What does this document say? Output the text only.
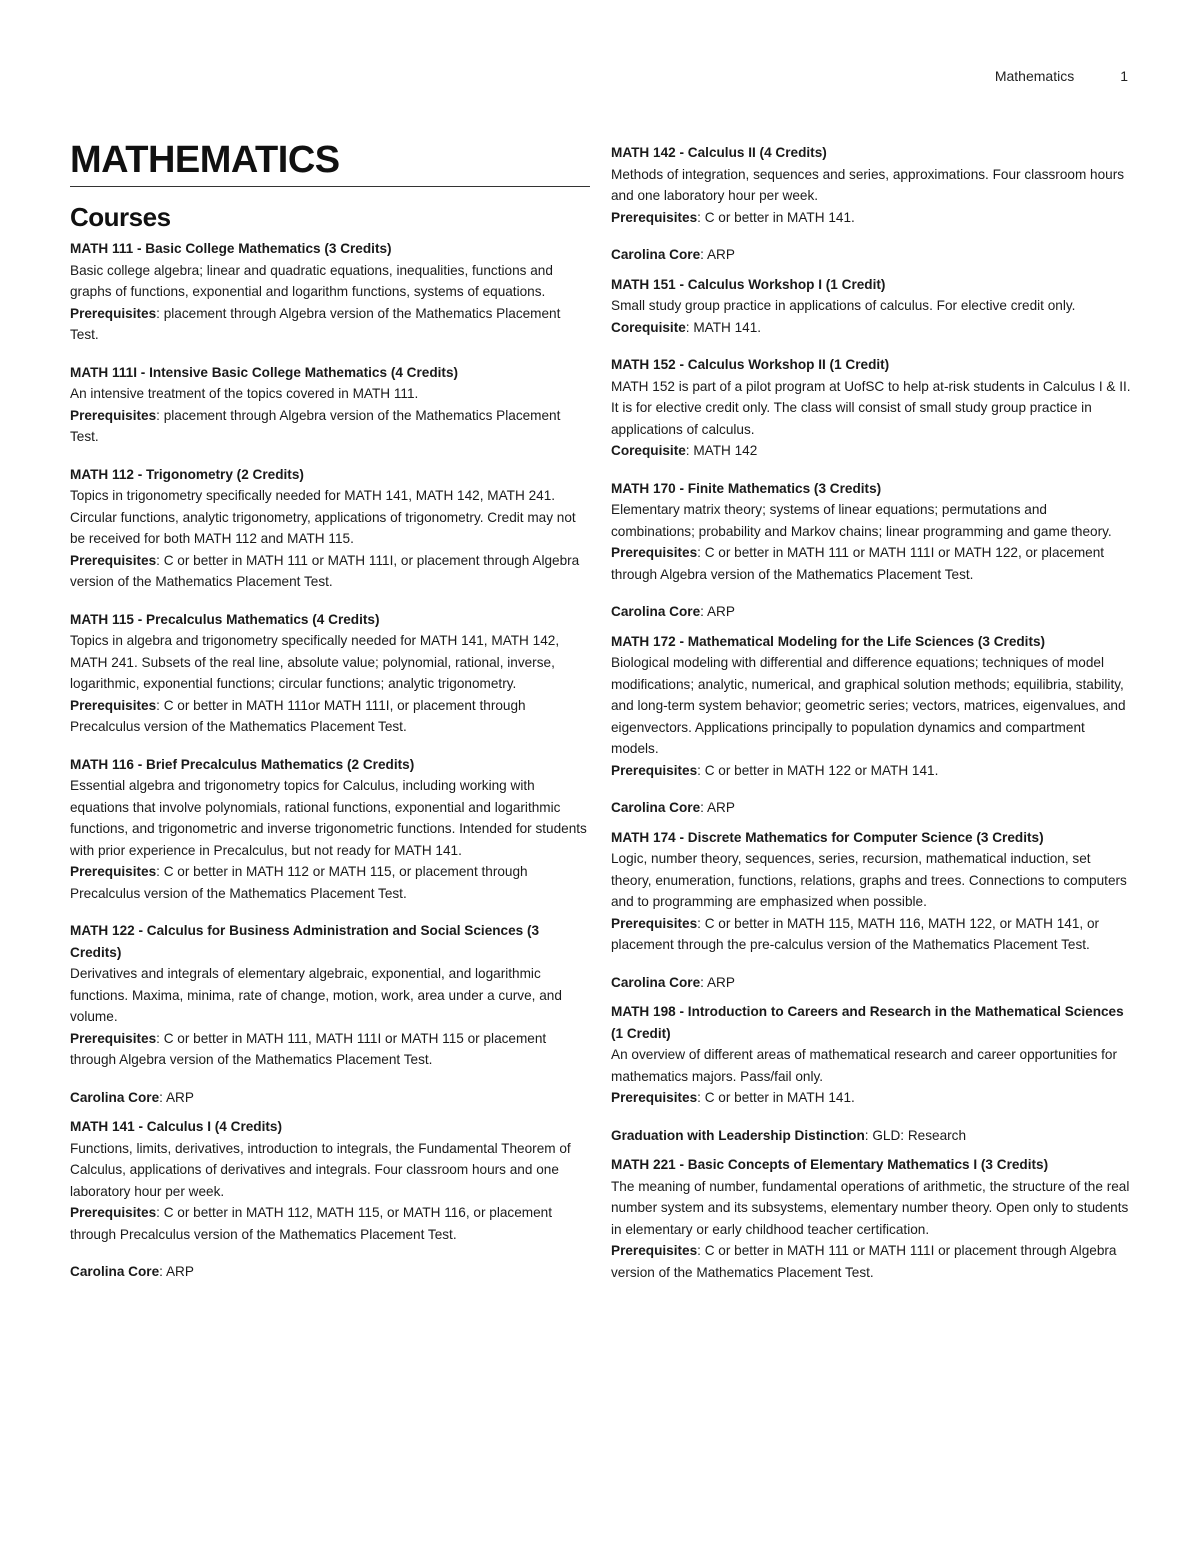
Mathematics	1
MATHEMATICS
Courses

MATH 111 - Basic College Mathematics (3 Credits)

Basic college algebra; linear and quadratic equations, inequalities, functions and graphs of functions, exponential and logarithm functions, systems of equations.

Prerequisites: placement through Algebra version of the Mathematics Placement Test.

MATH 111I - Intensive Basic College Mathematics (4 Credits)

An intensive treatment of the topics covered in MATH 111.

Prerequisites: placement through Algebra version of the Mathematics Placement Test.

MATH 112 - Trigonometry (2 Credits)

Topics in trigonometry specifically needed for MATH 141, MATH 142, MATH 241. Circular functions, analytic trigonometry, applications of trigonometry. Credit may not be received for both MATH 112 and MATH 115.

Prerequisites: C or better in MATH 111 or MATH 111I, or placement through Algebra version of the Mathematics Placement Test.

MATH 115 - Precalculus Mathematics (4 Credits)

Topics in algebra and trigonometry specifically needed for MATH 141, MATH 142, MATH 241. Subsets of the real line, absolute value; polynomial, rational, inverse, logarithmic, exponential functions; circular functions; analytic trigonometry.

Prerequisites: C or better in MATH 111or MATH 111I, or placement through Precalculus version of the Mathematics Placement Test.

MATH 116 - Brief Precalculus Mathematics (2 Credits)

Essential algebra and trigonometry topics for Calculus, including working with equations that involve polynomials, rational functions, exponential and logarithmic functions, and trigonometric and inverse trigonometric functions. Intended for students with prior experience in Precalculus, but not ready for MATH 141.

Prerequisites: C or better in MATH 112 or MATH 115, or placement through Precalculus version of the Mathematics Placement Test.

MATH 122 - Calculus for Business Administration and Social Sciences (3 Credits)

Derivatives and integrals of elementary algebraic, exponential, and logarithmic functions. Maxima, minima, rate of change, motion, work, area under a curve, and volume.

Prerequisites: C or better in MATH 111, MATH 111I or MATH 115 or placement through Algebra version of the Mathematics Placement Test.

Carolina Core: ARP

MATH 141 - Calculus I (4 Credits)

Functions, limits, derivatives, introduction to integrals, the Fundamental Theorem of Calculus, applications of derivatives and integrals. Four classroom hours and one laboratory hour per week.

Prerequisites: C or better in MATH 112, MATH 115, or MATH 116, or placement through Precalculus version of the Mathematics Placement Test.

Carolina Core: ARP

MATH 142 - Calculus II (4 Credits)

Methods of integration, sequences and series, approximations. Four classroom hours and one laboratory hour per week.

Prerequisites: C or better in MATH 141.

Carolina Core: ARP

MATH 151 - Calculus Workshop I (1 Credit)

Small study group practice in applications of calculus. For elective credit only.

Corequisite: MATH 141.

MATH 152 - Calculus Workshop II (1 Credit)

MATH 152 is part of a pilot program at UofSC to help at-risk students in Calculus I & II. It is for elective credit only. The class will consist of small study group practice in applications of calculus.

Corequisite: MATH 142

MATH 170 - Finite Mathematics (3 Credits)

Elementary matrix theory; systems of linear equations; permutations and combinations; probability and Markov chains; linear programming and game theory.

Prerequisites: C or better in MATH 111 or MATH 111I or MATH 122, or placement through Algebra version of the Mathematics Placement Test.

Carolina Core: ARP

MATH 172 - Mathematical Modeling for the Life Sciences (3 Credits)

Biological modeling with differential and difference equations; techniques of model modifications; analytic, numerical, and graphical solution methods; equilibria, stability, and long-term system behavior; geometric series; vectors, matrices, eigenvalues, and eigenvectors. Applications principally to population dynamics and compartment models.

Prerequisites: C or better in MATH 122 or MATH 141.

Carolina Core: ARP

MATH 174 - Discrete Mathematics for Computer Science (3 Credits)

Logic, number theory, sequences, series, recursion, mathematical induction, set theory, enumeration, functions, relations, graphs and trees. Connections to computers and to programming are emphasized when possible.

Prerequisites: C or better in MATH 115, MATH 116, MATH 122, or MATH 141, or placement through the pre-calculus version of the Mathematics Placement Test.

Carolina Core: ARP

MATH 198 - Introduction to Careers and Research in the Mathematical Sciences (1 Credit)

An overview of different areas of mathematical research and career opportunities for mathematics majors. Pass/fail only.

Prerequisites: C or better in MATH 141.

Graduation with Leadership Distinction: GLD: Research

MATH 221 - Basic Concepts of Elementary Mathematics I (3 Credits)

The meaning of number, fundamental operations of arithmetic, the structure of the real number system and its subsystems, elementary number theory. Open only to students in elementary or early childhood teacher certification.

Prerequisites: C or better in MATH 111 or MATH 111I or placement through Algebra version of the Mathematics Placement Test.
